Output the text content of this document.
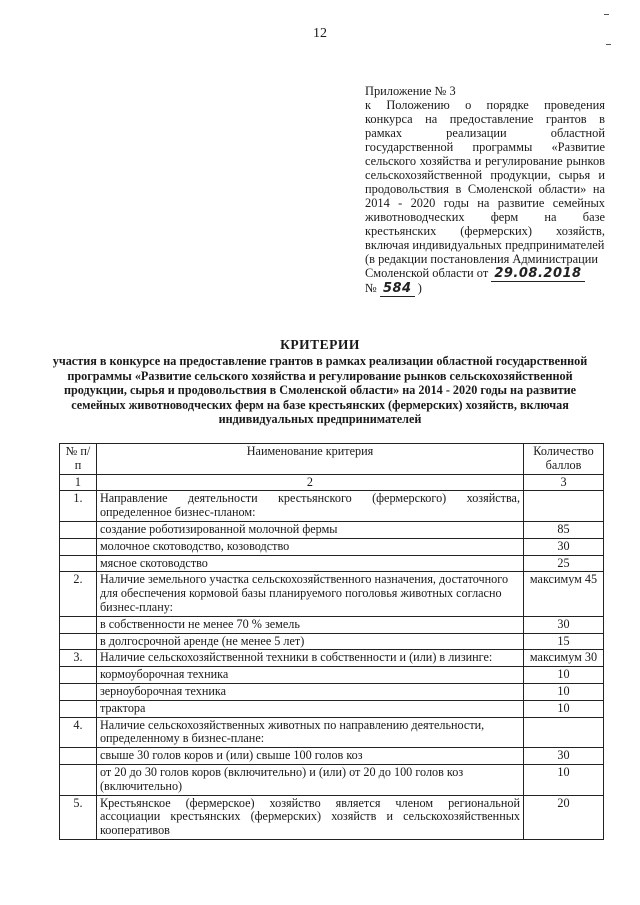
12
Приложение № 3
к Положению о порядке проведения конкурса на предоставление грантов в рамках реализации областной государственной программы «Развитие сельского хозяйства и регулирование рынков сельскохозяйственной продукции, сырья и продовольствия в Смоленской области» на 2014 - 2020 годы на развитие семейных животноводческих ферм на базе крестьянских (фермерских) хозяйств, включая индивидуальных предпринимателей
(в редакции постановления Администрации Смоленской области от 29.08.2018
№ 584 )
КРИТЕРИИ
участия в конкурсе на предоставление грантов в рамках реализации областной государственной программы «Развитие сельского хозяйства и регулирование рынков сельскохозяйственной продукции, сырья и продовольствия в Смоленской области» на 2014 - 2020 годы на развитие семейных животноводческих ферм на базе крестьянских (фермерских) хозяйств, включая индивидуальных предпринимателей
№ п/п	Наименование критерия	Количество баллов
1	2	3
1.	Направление деятельности крестьянского (фермерского) хозяйства, определенное бизнес-планом:	
	создание роботизированной молочной фермы	85
	молочное скотоводство, козоводство	30
	мясное скотоводство	25
2.	Наличие земельного участка сельскохозяйственного назначения, достаточного для обеспечения кормовой базы планируемого поголовья животных согласно бизнес-плану:	максимум 45
	в собственности не менее 70 % земель	30
	в долгосрочной аренде (не менее 5 лет)	15
3.	Наличие сельскохозяйственной техники в собственности и (или) в лизинге:	максимум 30
	кормоуборочная техника	10
	зерноуборочная техника	10
	трактора	10
4.	Наличие сельскохозяйственных животных по направлению деятельности, определенному в бизнес-плане:	
	свыше 30 голов коров и (или) свыше 100 голов коз	30
	от 20 до 30 голов коров (включительно) и (или) от 20 до 100 голов коз (включительно)	10
5.	Крестьянское (фермерское) хозяйство является членом региональной ассоциации крестьянских (фермерских) хозяйств и сельскохозяйственных кооперативов	20
